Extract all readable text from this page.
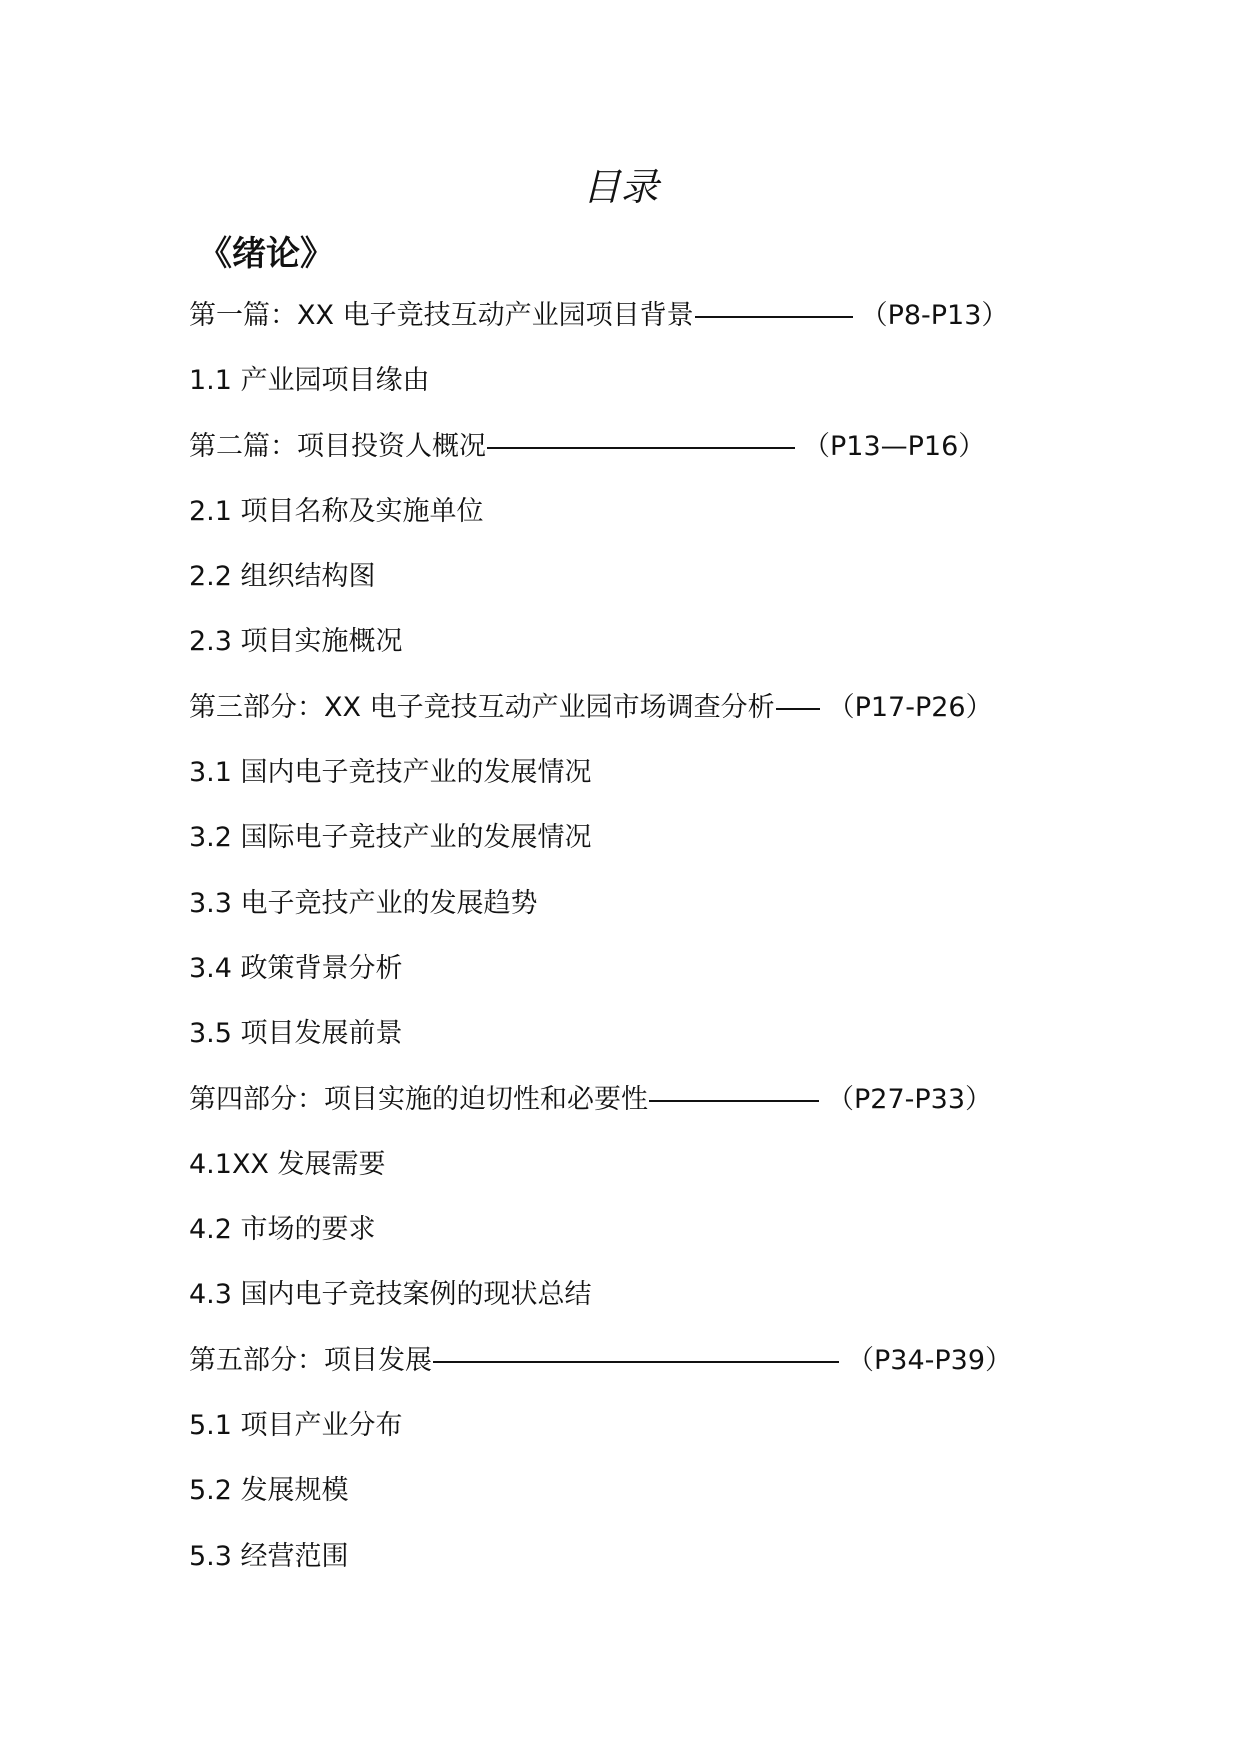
目录
《绪论》
第一篇：XX 电子竞技互动产业园项目背景	（P8-P13）
1.1 产业园项目缘由
第二篇：项目投资人概况	（P13—P16）
2.1 项目名称及实施单位
2.2 组织结构图
2.3 项目实施概况
第三部分：XX 电子竞技互动产业园市场调查分析 （P17-P26）
3.1 国内电子竞技产业的发展情况
3.2 国际电子竞技产业的发展情况
3.3 电子竞技产业的发展趋势
3.4 政策背景分析
3.5 项目发展前景
第四部分：项目实施的迫切性和必要性	（P27-P33）
4.1XX 发展需要
4.2 市场的要求
4.3 国内电子竞技案例的现状总结
第五部分：项目发展	（P34-P39）
5.1 项目产业分布
5.2 发展规模
5.3 经营范围
